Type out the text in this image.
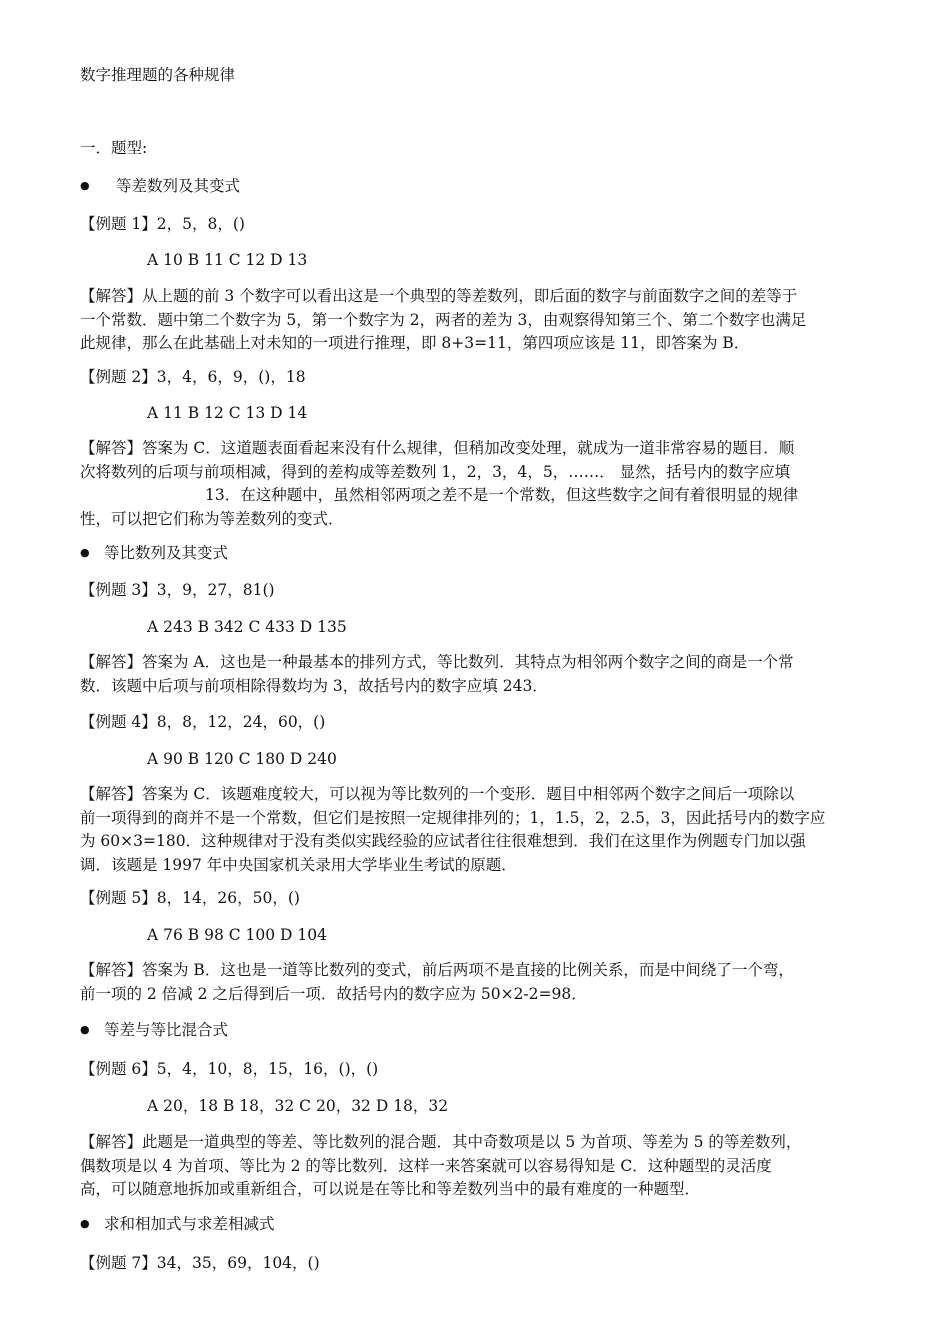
数字推理题的各种规律
一．题型:
● 等差数列及其变式
【例题 1】2，5，8，()
A 10 B 11 C 12 D 13
【解答】从上题的前 3 个数字可以看出这是一个典型的等差数列，即后面的数字与前面数字之间的差等于
一个常数．题中第二个数字为 5，第一个数字为 2，两者的差为 3，由观察得知第三个、第二个数字也满足
此规律，那么在此基础上对未知的一项进行推理，即 8+3=11，第四项应该是 11，即答案为 B．
【例题 2】3，4，6，9，()，18
A 11 B 12 C 13 D 14
【解答】答案为 C．这道题表面看起来没有什么规律，但稍加改变处理，就成为一道非常容易的题目．顺
次将数列的后项与前项相减，得到的差构成等差数列 1，2，3，4，5，……． 显然，括号内的数字应填
13．在这种题中，虽然相邻两项之差不是一个常数，但这些数字之间有着很明显的规律
性，可以把它们称为等差数列的变式．
● 等比数列及其变式
【例题 3】3，9，27，81()
A 243 B 342 C 433 D 135
【解答】答案为 A．这也是一种最基本的排列方式，等比数列．其特点为相邻两个数字之间的商是一个常
数．该题中后项与前项相除得数均为 3，故括号内的数字应填 243．
【例题 4】8，8，12，24，60，()
A 90 B 120 C 180 D 240
【解答】答案为 C．该题难度较大，可以视为等比数列的一个变形．题目中相邻两个数字之间后一项除以
前一项得到的商并不是一个常数，但它们是按照一定规律排列的；1，1.5，2，2.5，3，因此括号内的数字应
为 60×3=180．这种规律对于没有类似实践经验的应试者往往很难想到．我们在这里作为例题专门加以强
调．该题是 1997 年中央国家机关录用大学毕业生考试的原题．
【例题 5】8，14，26，50，()
A 76 B 98 C 100 D 104
【解答】答案为 B．这也是一道等比数列的变式，前后两项不是直接的比例关系，而是中间绕了一个弯，
前一项的 2 倍减 2 之后得到后一项．故括号内的数字应为 50×2-2=98．
● 等差与等比混合式
【例题 6】5，4，10，8，15，16，()，()
A 20，18 B 18，32 C 20，32 D 18，32
【解答】此题是一道典型的等差、等比数列的混合题．其中奇数项是以 5 为首项、等差为 5 的等差数列，
偶数项是以 4 为首项、等比为 2 的等比数列．这样一来答案就可以容易得知是 C．这种题型的灵活度
高，可以随意地拆加或重新组合，可以说是在等比和等差数列当中的最有难度的一种题型．
● 求和相加式与求差相减式
【例题 7】34，35，69，104，()
